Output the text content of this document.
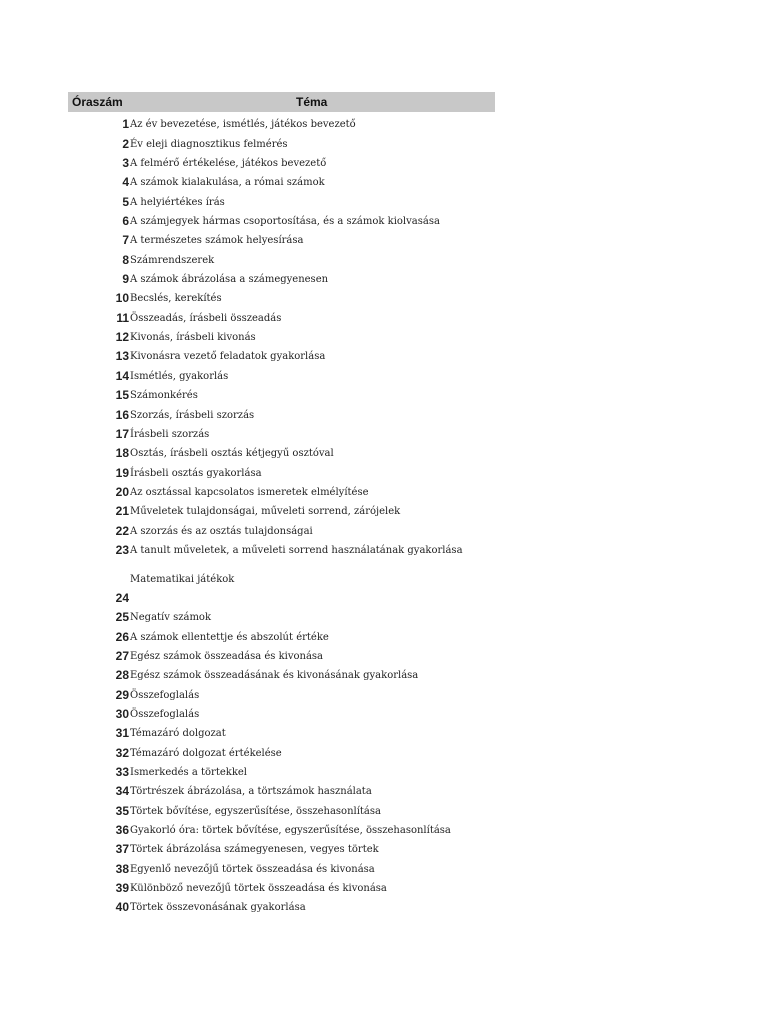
Óraszám	Téma
1 Az év bevezetése, ismétlés, játékos bevezető
2 Év eleji diagnosztikus felmérés
3 A felmérő értékelése, játékos bevezető
4 A számok kialakulása, a római számok
5 A helyiértékes írás
6 A számjegyek hármas csoportosítása, és a számok kiolvasása
7 A természetes számok helyesírása
8 Számrendszerek
9 A számok ábrázolása a számegyenesen
10 Becslés, kerekítés
11 Összeadás, írásbeli összeadás
12 Kivonás, írásbeli kivonás
13 Kivonásra vezető feladatok gyakorlása
14 Ismétlés, gyakorlás
15 Számonkérés
16 Szorzás, írásbeli szorzás
17 Írásbeli szorzás
18 Osztás, írásbeli osztás kétjegyű osztóval
19 Írásbeli osztás gyakorlása
20 Az osztással kapcsolatos ismeretek elmélyítése
21 Műveletek tulajdonságai, műveleti sorrend, zárójelek
22 A szorzás és az osztás tulajdonságai
23 A tanult műveletek, a műveleti sorrend használatának gyakorlása
24
Matematikai játékok
25 Negatív számok
26 A számok ellentettje és abszolút értéke
27 Egész számok összeadása és kivonása
28 Egész számok összeadásának és kivonásának gyakorlása
29 Összefoglalás
30 Összefoglalás
31 Témazáró dolgozat
32 Témazáró dolgozat értékelése
33 Ismerkedés a törtekkel
34 Törtrészek ábrázolása, a törtszámok használata
35 Törtek bővítése, egyszerűsítése, összehasonlítása
36 Gyakorló óra: törtek bővítése, egyszerűsítése, összehasonlítása
37 Törtek ábrázolása számegyenesen, vegyes törtek
38 Egyenlő nevezőjű törtek összeadása és kivonása
39 Különböző nevezőjű törtek összeadása és kivonása
40 Törtek összevonásának gyakorlása
